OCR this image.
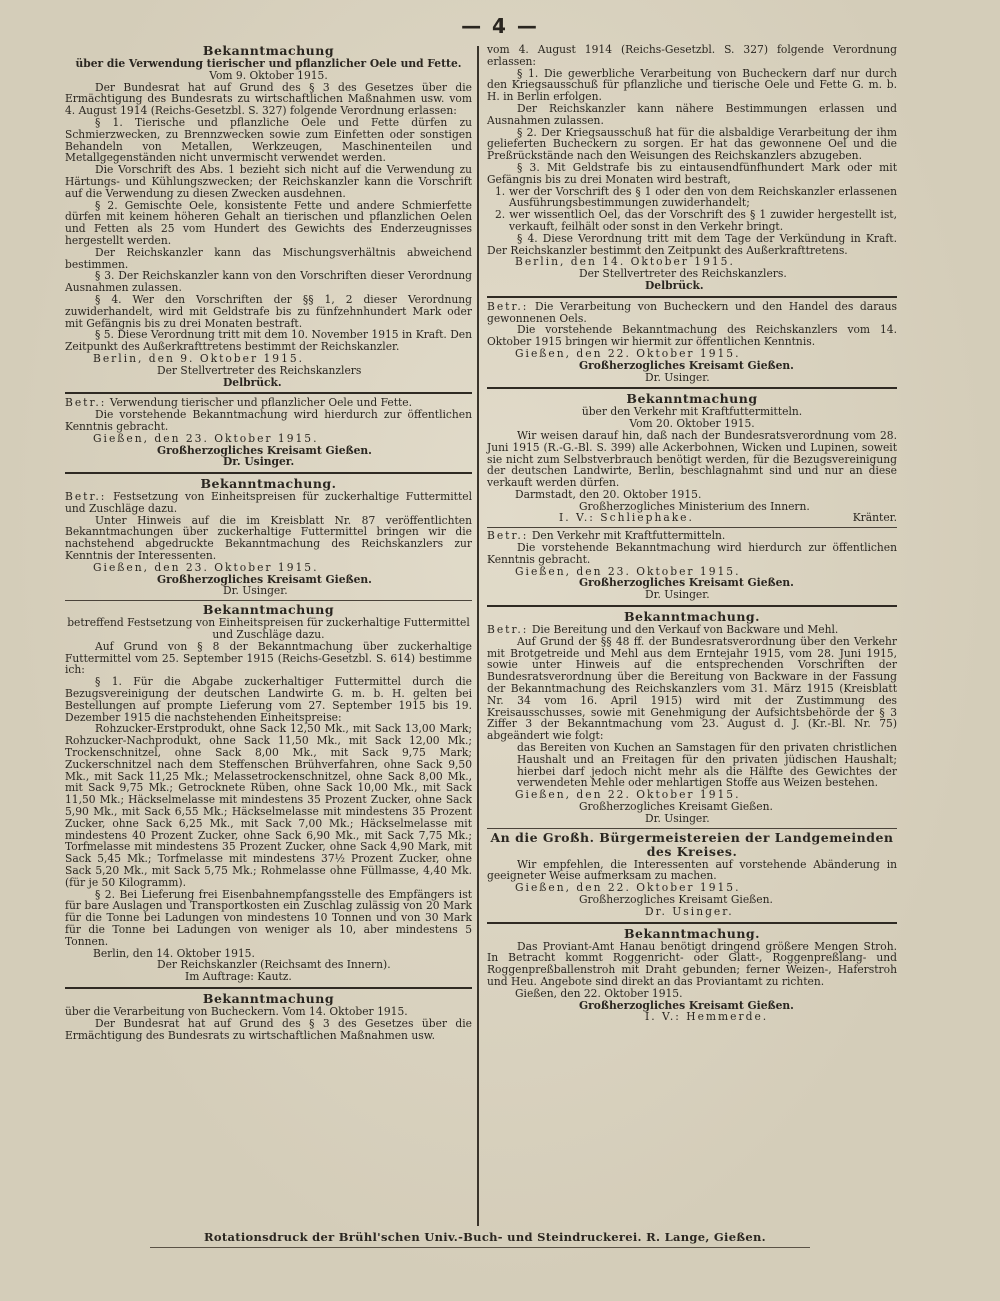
— 4 —
Bekanntmachung
über die Verwendung tierischer und pflanzlicher Oele und Fette.
Vom 9. Oktober 1915.
Der Bundesrat hat auf Grund des § 3 des Gesetzes über die Ermächtigung des Bundesrats zu wirtschaftlichen Maßnahmen usw. vom 4. August 1914 (Reichs-Gesetzbl. S. 327) folgende Verordnung erlassen:
§ 1. Tierische und pflanzliche Oele und Fette dürfen zu Schmierzwecken, zu Brennzwecken sowie zum Einfetten oder sonstigen Behandeln von Metallen, Werkzeugen, Maschinenteilen und Metallgegenständen nicht unvermischt verwendet werden.
Die Vorschrift des Abs. 1 bezieht sich nicht auf die Verwendung zu Härtungs- und Kühlungszwecken; der Reichskanzler kann die Vorschrift auf die Verwendung zu diesen Zwecken ausdehnen.
§ 2. Gemischte Oele, konsistente Fette und andere Schmierfette dürfen mit keinem höheren Gehalt an tierischen und pflanzlichen Oelen und Fetten als 25 vom Hundert des Gewichts des Enderzeugnisses hergestellt werden.
Der Reichskanzler kann das Mischungsverhältnis abweichend bestimmen.
§ 3. Der Reichskanzler kann von den Vorschriften dieser Verordnung Ausnahmen zulassen.
§ 4. Wer den Vorschriften der §§ 1, 2 dieser Verordnung zuwiderhandelt, wird mit Geldstrafe bis zu fünfzehnhundert Mark oder mit Gefängnis bis zu drei Monaten bestraft.
§ 5. Diese Verordnung tritt mit dem 10. November 1915 in Kraft. Den Zeitpunkt des Außerkrafttretens bestimmt der Reichskanzler.
Berlin, den 9. Oktober 1915.
Der Stellvertreter des Reichskanzlers
Delbrück.
Betr.: Verwendung tierischer und pflanzlicher Oele und Fette.
Die vorstehende Bekanntmachung wird hierdurch zur öffentlichen Kenntnis gebracht.
Gießen, den 23. Oktober 1915.
Großherzogliches Kreisamt Gießen.
Dr. Usinger.
Bekanntmachung.
Betr.: Festsetzung von Einheitspreisen für zuckerhaltige Futtermittel und Zuschläge dazu.
Unter Hinweis auf die im Kreisblatt Nr. 87 veröffentlichten Bekanntmachungen über zuckerhaltige Futtermittel bringen wir die nachstehend abgedruckte Bekanntmachung des Reichskanzlers zur Kenntnis der Interessenten.
Gießen, den 23. Oktober 1915.
Großherzogliches Kreisamt Gießen.
Dr. Usinger.
Bekanntmachung
betreffend Festsetzung von Einheitspreisen für zuckerhaltige Futtermittel und Zuschläge dazu.
Auf Grund von § 8 der Bekanntmachung über zuckerhaltige Futtermittel vom 25. September 1915 (Reichs-Gesetzbl. S. 614) bestimme ich:
§ 1. Für die Abgabe zuckerhaltiger Futtermittel durch die Bezugsvereinigung der deutschen Landwirte G. m. b. H. gelten bei Bestellungen auf prompte Lieferung vom 27. September 1915 bis 19. Dezember 1915 die nachstehenden Einheitspreise:
Rohzucker-Erstprodukt, ohne Sack 12,50 Mk., mit Sack 13,00 Mark; Rohzucker-Nachprodukt, ohne Sack 11,50 Mk., mit Sack 12,00 Mk.; Trockenschnitzel, ohne Sack 8,00 Mk., mit Sack 9,75 Mark; Zuckerschnitzel nach dem Steffenschen Brühverfahren, ohne Sack 9,50 Mk., mit Sack 11,25 Mk.; Melassetrockenschnitzel, ohne Sack 8,00 Mk., mit Sack 9,75 Mk.; Getrocknete Rüben, ohne Sack 10,00 Mk., mit Sack 11,50 Mk.; Häckselmelasse mit mindestens 35 Prozent Zucker, ohne Sack 5,90 Mk., mit Sack 6,55 Mk.; Häckselmelasse mit mindestens 35 Prozent Zucker, ohne Sack 6,25 Mk., mit Sack 7,00 Mk.; Häckselmelasse mit mindestens 40 Prozent Zucker, ohne Sack 6,90 Mk., mit Sack 7,75 Mk.; Torfmelasse mit mindestens 35 Prozent Zucker, ohne Sack 4,90 Mark, mit Sack 5,45 Mk.; Torfmelasse mit mindestens 37½ Prozent Zucker, ohne Sack 5,20 Mk., mit Sack 5,75 Mk.; Rohmelasse ohne Füllmasse, 4,40 Mk. (für je 50 Kilogramm).
§ 2. Bei Lieferung frei Eisenbahnempfangsstelle des Empfängers ist für bare Auslagen und Transportkosten ein Zuschlag zulässig von 20 Mark für die Tonne bei Ladungen von mindestens 10 Tonnen und von 30 Mark für die Tonne bei Ladungen von weniger als 10, aber mindestens 5 Tonnen.
Berlin, den 14. Oktober 1915.
Der Reichskanzler (Reichsamt des Innern).
Im Auftrage: Kautz.
Bekanntmachung
über die Verarbeitung von Bucheckern. Vom 14. Oktober 1915.
Der Bundesrat hat auf Grund des § 3 des Gesetzes über die Ermächtigung des Bundesrats zu wirtschaftlichen Maßnahmen usw.
vom 4. August 1914 (Reichs-Gesetzbl. S. 327) folgende Verordnung erlassen:
§ 1. Die gewerbliche Verarbeitung von Bucheckern darf nur durch den Kriegsausschuß für pflanzliche und tierische Oele und Fette G. m. b. H. in Berlin erfolgen.
Der Reichskanzler kann nähere Bestimmungen erlassen und Ausnahmen zulassen.
§ 2. Der Kriegsausschuß hat für die alsbaldige Verarbeitung der ihm gelieferten Bucheckern zu sorgen. Er hat das gewonnene Oel und die Preßrückstände nach den Weisungen des Reichskanzlers abzugeben.
§ 3. Mit Geldstrafe bis zu eintausendfünfhundert Mark oder mit Gefängnis bis zu drei Monaten wird bestraft,
1. wer der Vorschrift des § 1 oder den von dem Reichskanzler erlassenen Ausführungsbestimmungen zuwiderhandelt;
2. wer wissentlich Oel, das der Vorschrift des § 1 zuwider hergestellt ist, verkauft, feilhält oder sonst in den Verkehr bringt.
§ 4. Diese Verordnung tritt mit dem Tage der Verkündung in Kraft. Der Reichskanzler bestimmt den Zeitpunkt des Außerkrafttretens.
Berlin, den 14. Oktober 1915.
Der Stellvertreter des Reichskanzlers.
Delbrück.
Betr.: Die Verarbeitung von Bucheckern und den Handel des daraus gewonnenen Oels.
Die vorstehende Bekanntmachung des Reichskanzlers vom 14. Oktober 1915 bringen wir hiermit zur öffentlichen Kenntnis.
Gießen, den 22. Oktober 1915.
Großherzogliches Kreisamt Gießen.
Dr. Usinger.
Bekanntmachung
über den Verkehr mit Kraftfuttermitteln.
Vom 20. Oktober 1915.
Wir weisen darauf hin, daß nach der Bundesratsverordnung vom 28. Juni 1915 (R.-G.-Bl. S. 399) alle Ackerbohnen, Wicken und Lupinen, soweit sie nicht zum Selbstverbrauch benötigt werden, für die Bezugsvereinigung der deutschen Landwirte, Berlin, beschlagnahmt sind und nur an diese verkauft werden dürfen.
Darmstadt, den 20. Oktober 1915.
Großherzogliches Ministerium des Innern.
I. V.: Schliephake.	Kränter.
Betr.: Den Verkehr mit Kraftfuttermitteln.
Die vorstehende Bekanntmachung wird hierdurch zur öffentlichen Kenntnis gebracht.
Gießen, den 23. Oktober 1915.
Großherzogliches Kreisamt Gießen.
Dr. Usinger.
Bekanntmachung.
Betr.: Die Bereitung und den Verkauf von Backware und Mehl.
Auf Grund der §§ 48 ff. der Bundesratsverordnung über den Verkehr mit Brotgetreide und Mehl aus dem Erntejahr 1915, vom 28. Juni 1915, sowie unter Hinweis auf die entsprechenden Vorschriften der Bundesratsverordnung über die Bereitung von Backware in der Fassung der Bekanntmachung des Reichskanzlers vom 31. März 1915 (Kreisblatt Nr. 34 vom 16. April 1915) wird mit der Zustimmung des Kreisausschusses, sowie mit Genehmigung der Aufsichtsbehörde der § 3 Ziffer 3 der Bekanntmachung vom 23. August d. J. (Kr.-Bl. Nr. 75) abgeändert wie folgt:
das Bereiten von Kuchen an Samstagen für den privaten christlichen Haushalt und an Freitagen für den privaten jüdischen Haushalt; hierbei darf jedoch nicht mehr als die Hälfte des Gewichtes der verwendeten Mehle oder mehlartigen Stoffe aus Weizen bestehen.
Gießen, den 22. Oktober 1915.
Großherzogliches Kreisamt Gießen.
Dr. Usinger.
An die Großh. Bürgermeistereien der Landgemeinden des Kreises.
Wir empfehlen, die Interessenten auf vorstehende Abänderung in geeigneter Weise aufmerksam zu machen.
Gießen, den 22. Oktober 1915.
Großherzogliches Kreisamt Gießen.
Dr. Usinger.
Bekanntmachung.
Das Proviant-Amt Hanau benötigt dringend größere Mengen Stroh. In Betracht kommt Roggenricht- oder Glatt-, Roggenpreßlang- und Roggenpreßballenstroh mit Draht gebunden; ferner Weizen-, Haferstroh und Heu. Angebote sind direkt an das Proviantamt zu richten.
Gießen, den 22. Oktober 1915.
Großherzogliches Kreisamt Gießen.
I. V.: Hemmerde.
Rotationsdruck der Brühl'schen Univ.-Buch- und Steindruckerei. R. Lange, Gießen.
